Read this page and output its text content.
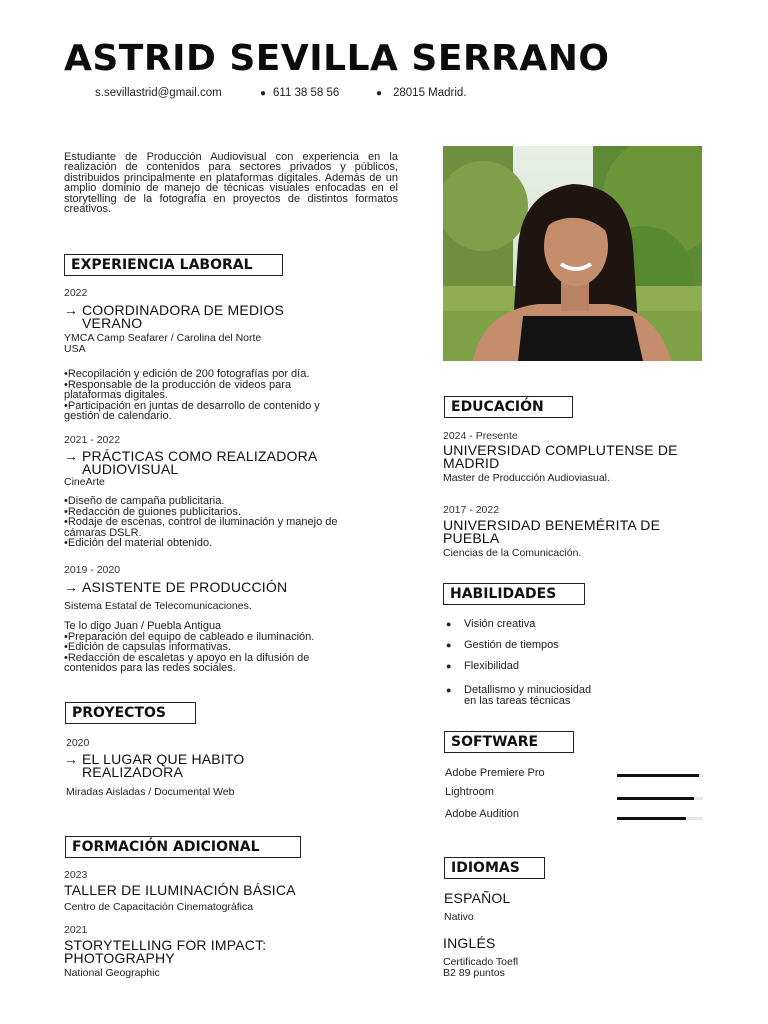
ASTRID SEVILLA SERRANO
s.sevillastrid@gmail.com	● 611 38 58 56	● 28015 Madrid.
Estudiante de Producción Audiovisual con experiencia en la realización de contenidos para sectores privados y públicos, distribuidos principalmente en plataformas digitales. Además de un amplio dominio de manejo de técnicas visuales enfocadas en el storytelling de la fotografía en proyectos de distintos formatos creativos.
EXPERIENCIA LABORAL
2022
→ COORDINADORA DE MEDIOS
VERANO
YMCA Camp Seafarer / Carolina del Norte
USA
•Recopilación y edición de 200 fotografías por día.
•Responsable de la producción de videos para
plataformas digitales.
•Participación en juntas de desarrollo de contenido y
gestión de calendario.
2021 - 2022
→ PRÁCTICAS COMO REALIZADORA
AUDIOVISUAL
CineArte
•Diseño de campaña publicitaria.
•Redacción de guiones publicitarios.
•Rodaje de escenas, control de iluminación y manejo de
cámaras DSLR.
•Edición del material obtenido.
2019 - 2020
→ ASISTENTE DE PRODUCCIÓN
Sistema Estatal de Telecomunicaciones.
Te lo digo Juan / Puebla Antigua
•Preparación del equipo de cableado e iluminación.
•Edición de capsulas informativas.
•Redacción de escaletas y apoyo en la difusión de
contenidos para las redes sociales.
PROYECTOS
2020
→ EL LUGAR QUE HABITO
REALIZADORA
Miradas Aisladas / Documental Web
FORMACIÓN ADICIONAL
2023
TALLER DE ILUMINACIÓN BÁSICA
Centro de Capacitación Cinematográfica
2021
STORYTELLING FOR IMPACT:
PHOTOGRAPHY
National Geographic
EDUCACIÓN
2024 - Presente
UNIVERSIDAD COMPLUTENSE DE
MADRID
Master de Producción Audioviasual.
2017 - 2022
UNIVERSIDAD BENEMÉRITA DE
PUEBLA
Ciencias de la Comunicación.
HABILIDADES
● Visión creativa
● Gestión de tiempos
● Flexibilidad
● Detallismo y minuciosidad
en las tareas técnicas
SOFTWARE
Adobe Premiere Pro
Lightroom
Adobe Audition
IDIOMAS
ESPAÑOL
Nativo
INGLÉS
Certificado Toefl
B2 89 puntos
